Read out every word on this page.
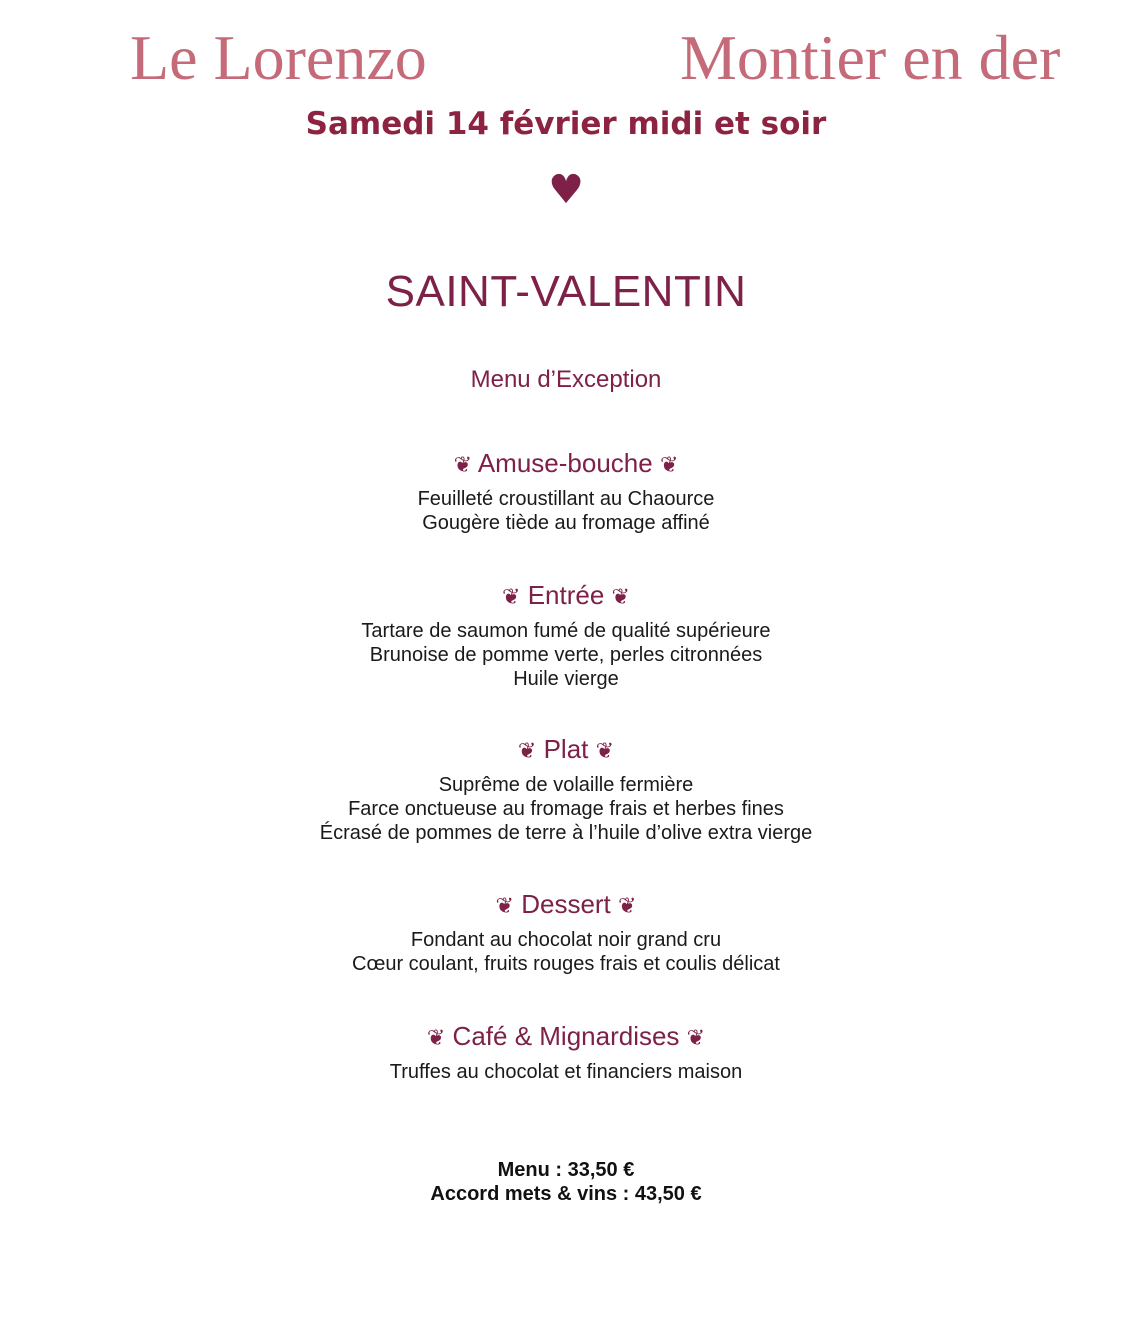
Le Lorenzo	Montier en der
Samedi 14 février midi et soir
♥
SAINT-VALENTIN
Menu d’Exception
❦ Amuse-bouche ❦
Feuilleté croustillant au Chaource
Gougère tiède au fromage affiné
❦ Entrée ❦
Tartare de saumon fumé de qualité supérieure
Brunoise de pomme verte, perles citronnées
Huile vierge
❦ Plat ❦
Suprême de volaille fermière
Farce onctueuse au fromage frais et herbes fines
Écrasé de pommes de terre à l’huile d’olive extra vierge
❦ Dessert ❦
Fondant au chocolat noir grand cru
Cœur coulant, fruits rouges frais et coulis délicat
❦ Café & Mignardises ❦
Truffes au chocolat et financiers maison
Menu : 33,50 €
Accord mets & vins : 43,50 €
